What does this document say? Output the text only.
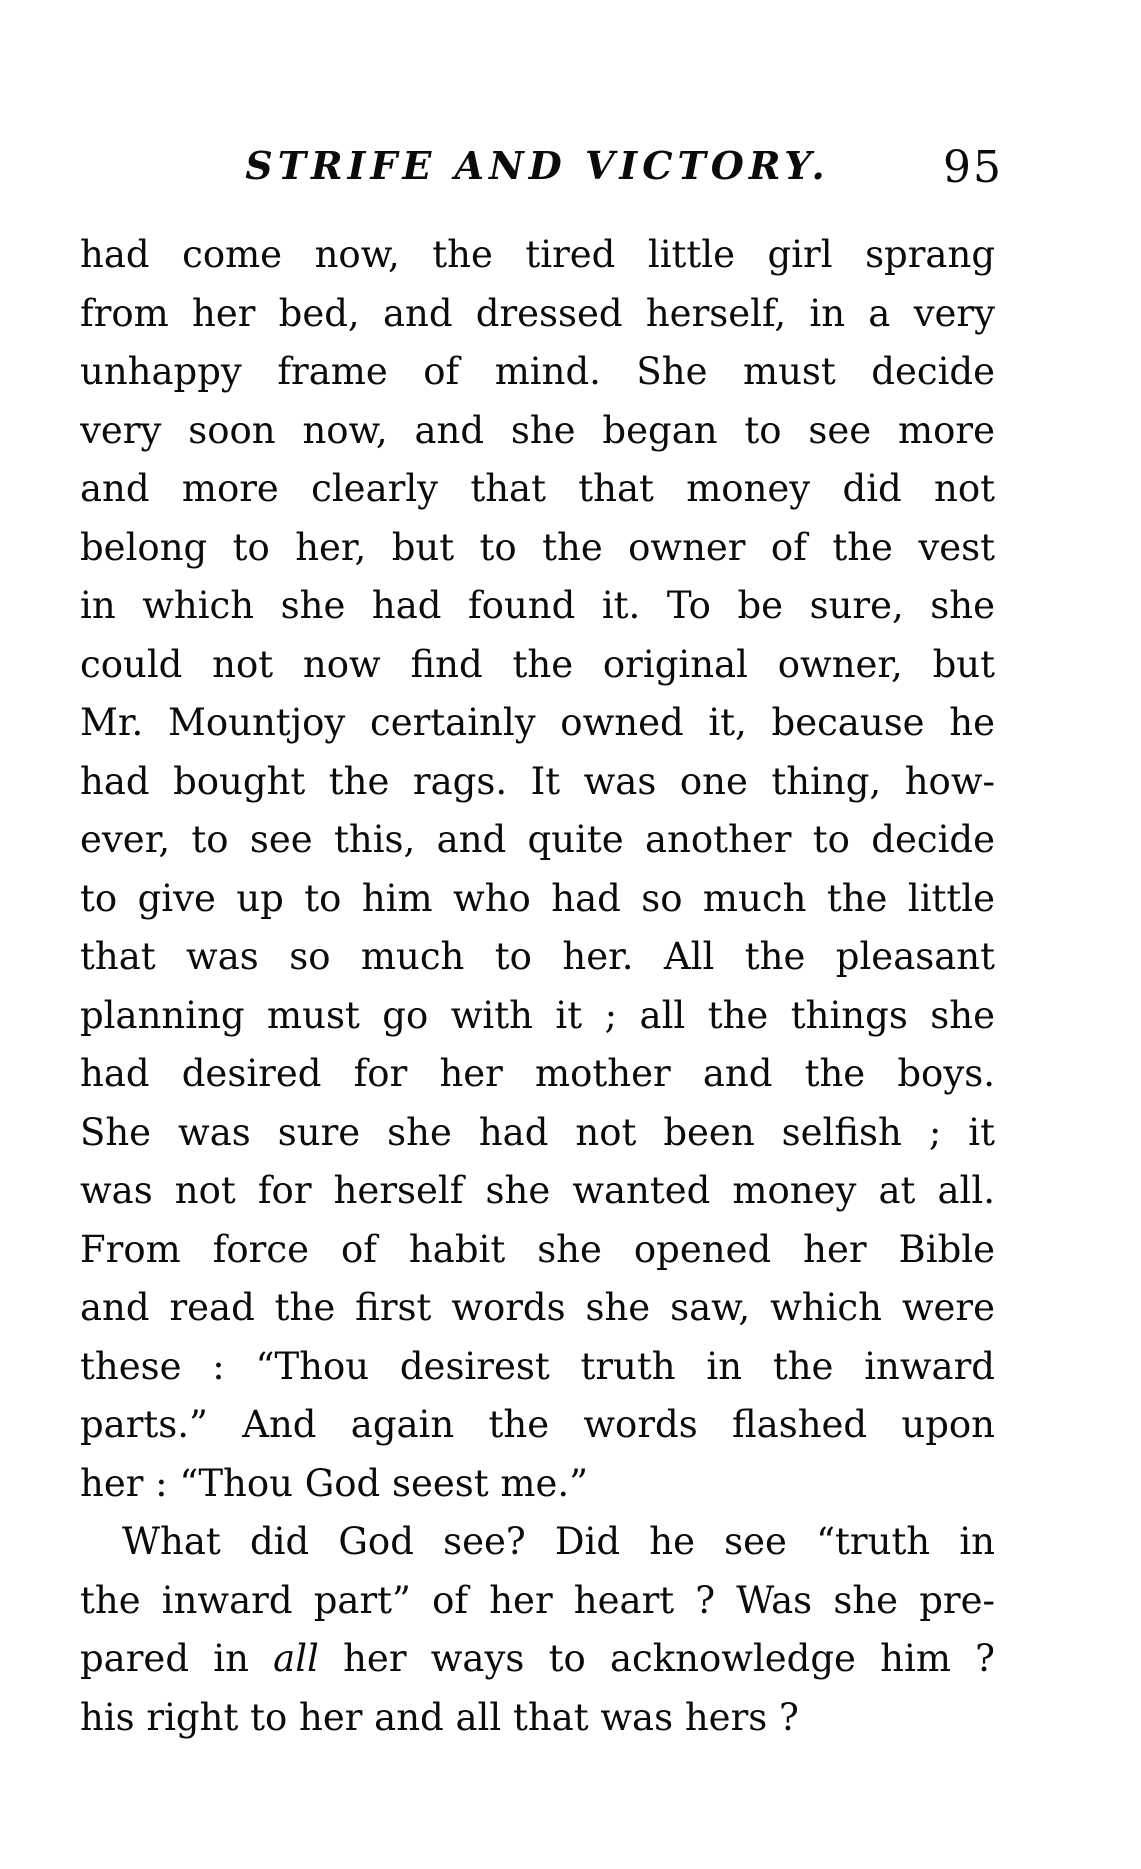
STRIFE AND VICTORY.	95
had come now, the tired little girl sprang
from her bed, and dressed herself, in a very
unhappy frame of mind. She must decide
very soon now, and she began to see more
and more clearly that that money did not
belong to her, but to the owner of the vest
in which she had found it. To be sure, she
could not now find the original owner, but
Mr. Mountjoy certainly owned it, because he
had bought the rags. It was one thing, how-
ever, to see this, and quite another to decide
to give up to him who had so much the little
that was so much to her. All the pleasant
planning must go with it ; all the things she
had desired for her mother and the boys.
She was sure she had not been selfish ; it
was not for herself she wanted money at all.
From force of habit she opened her Bible
and read the first words she saw, which were
these : “Thou desirest truth in the inward
parts.” And again the words flashed upon
her : “Thou God seest me.”
What did God see? Did he see “truth in
the inward part” of her heart ? Was she pre-
pared in all her ways to acknowledge him ?
his right to her and all that was hers ?
